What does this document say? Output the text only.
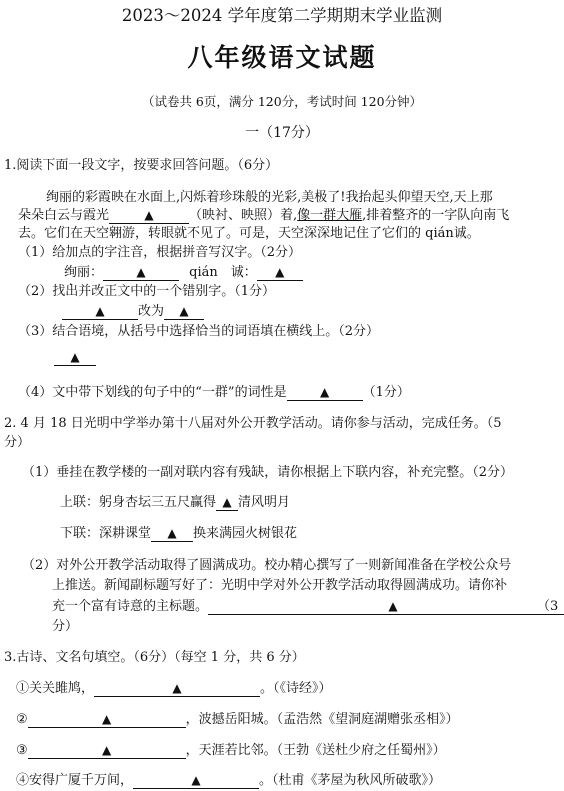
2023～2024 学年度第二学期期末学业监测
八年级语文试题
（试卷共 6页，满分 120分，考试时间 120分钟）
一（17分）
1.阅读下面一段文字，按要求回答问题。（6分）
绚丽的彩霞映在水面上,闪烁着珍珠般的光彩,美极了!我抬起头仰望天空,天上那
朵朵白云与霞光	▲	（映衬、映照）着,像一群大雁,排着整齐的一字队向南飞
去。它们在天空翱游，转眼就不见了。可是，天空深深地记住了它们的 qián诚。
（1）给加点的字注音，根据拼音写汉字。（2分）
绚丽：	▲	qián　诚： ▲
（2）找出并改正文中的一个错别字。（1分）
▲	改为 ▲
（3）结合语境，从括号中选择恰当的词语填在横线上。（2分）
▲
（4）文中带下划线的句子中的“一群”的词性是	▲	（1分）
2. 4 月 18 日光明中学举办第十八届对外公开教学活动。请你参与活动，完成任务。（5
分）
（1）垂挂在教学楼的一副对联内容有残缺，请你根据上下联内容，补充完整。（2分）
上联：躬身杏坛三五尺赢得 ▲ 清风明月
下联：深耕课堂 ▲ 换来满园火树银花
（2）对外公开教学活动取得了圆满成功。校办精心撰写了一则新闻准备在学校公众号
上推送。新闻副标题写好了：光明中学对外公开教学活动取得圆满成功。请你补
充一个富有诗意的主标题。	▲	（3
分）
3.古诗、文名句填空。（6分）（每空 1 分，共 6 分）
①关关雎鸠，	▲	。（《诗经》）
②	▲	，波撼岳阳城。（孟浩然《望洞庭湖赠张丞相》）
③	▲	，天涯若比邻。（王勃《送杜少府之任蜀州》）
④安得广厦千万间，	▲	。（杜甫《茅屋为秋风所破歌》）
